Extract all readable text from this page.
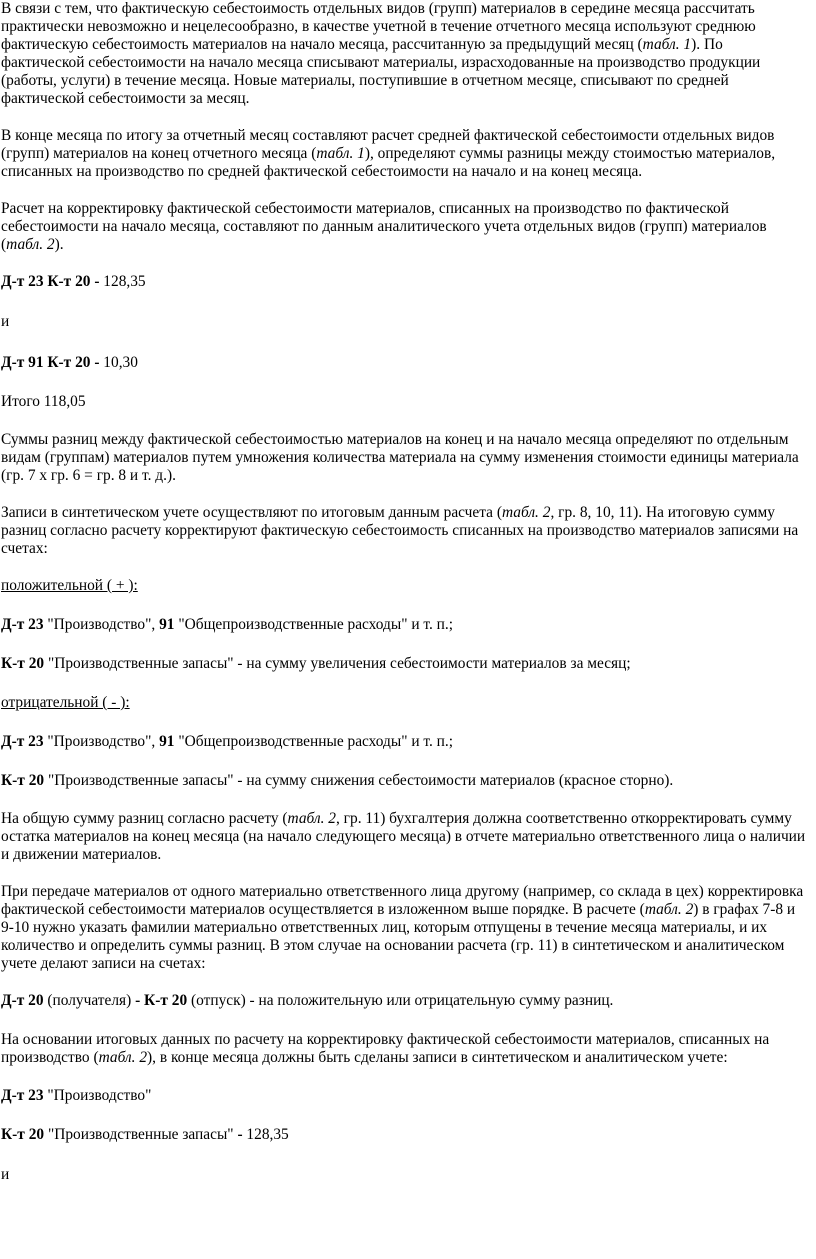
В связи с тем, что фактическую себестоимость отдельных видов (групп) материалов в середине месяца рассчитать практически невозможно и нецелесообразно, в качестве учетной в течение отчетного месяца используют среднюю фактическую себестоимость материалов на начало месяца, рассчитанную за предыдущий месяц (табл. 1). По фактической себестоимости на начало месяца списывают материалы, израсходованные на производство продукции (работы, услуги) в течение месяца. Новые материалы, поступившие в отчетном месяце, списывают по средней фактической себестоимости за месяц.

В конце месяца по итогу за отчетный месяц составляют расчет средней фактической себестоимости отдельных видов (групп) материалов на конец отчетного месяца (табл. 1), определяют суммы разницы между стоимостью материалов, списанных на производство по средней фактической себестоимости на начало и на конец месяца.

Расчет на корректировку фактической себестоимости материалов, списанных на производство по фактической себестоимости на начало месяца, составляют по данным аналитического учета отдельных видов (групп) материалов (табл. 2).

Д-т 23 К-т 20 - 128,35

и

Д-т 91 К-т 20 - 10,30

Итого 118,05

Суммы разниц между фактической себестоимостью материалов на конец и на начало месяца определяют по отдельным видам (группам) материалов путем умножения количества материала на сумму изменения стоимости единицы материала (гр. 7 х гр. 6 = гр. 8 и т. д.).

Записи в синтетическом учете осуществляют по итоговым данным расчета (табл. 2, гр. 8, 10, 11). На итоговую сумму разниц согласно расчету корректируют фактическую себестоимость списанных на производство материалов записями на счетах:

положительной ( + ):

Д-т 23 "Производство", 91 "Общепроизводственные расходы" и т. п.;

К-т 20 "Производственные запасы" - на сумму увеличения себестоимости материалов за месяц;

отрицательной ( - ):

Д-т 23 "Производство", 91 "Общепроизводственные расходы" и т. п.;

К-т 20 "Производственные запасы" - на сумму снижения себестоимости материалов (красное сторно).

На общую сумму разниц согласно расчету (табл. 2, гр. 11) бухгалтерия должна соответственно откорректировать сумму остатка материалов на конец месяца (на начало следующего месяца) в отчете материально ответственного лица о наличии и движении материалов.

При передаче материалов от одного материально ответственного лица другому (например, со склада в цех) корректировка фактической себестоимости материалов осуществляется в изложенном выше порядке. В расчете (табл. 2) в графах 7-8 и 9-10 нужно указать фамилии материально ответственных лиц, которым отпущены в течение месяца материалы, и их количество и определить суммы разниц. В этом случае на основании расчета (гр. 11) в синтетическом и аналитическом учете делают записи на счетах:

Д-т 20 (получателя) - К-т 20 (отпуск) - на положительную или отрицательную сумму разниц.

На основании итоговых данных по расчету на корректировку фактической себестоимости материалов, списанных на производство (табл. 2), в конце месяца должны быть сделаны записи в синтетическом и аналитическом учете:

Д-т 23 "Производство"

К-т 20 "Производственные запасы" - 128,35

и
